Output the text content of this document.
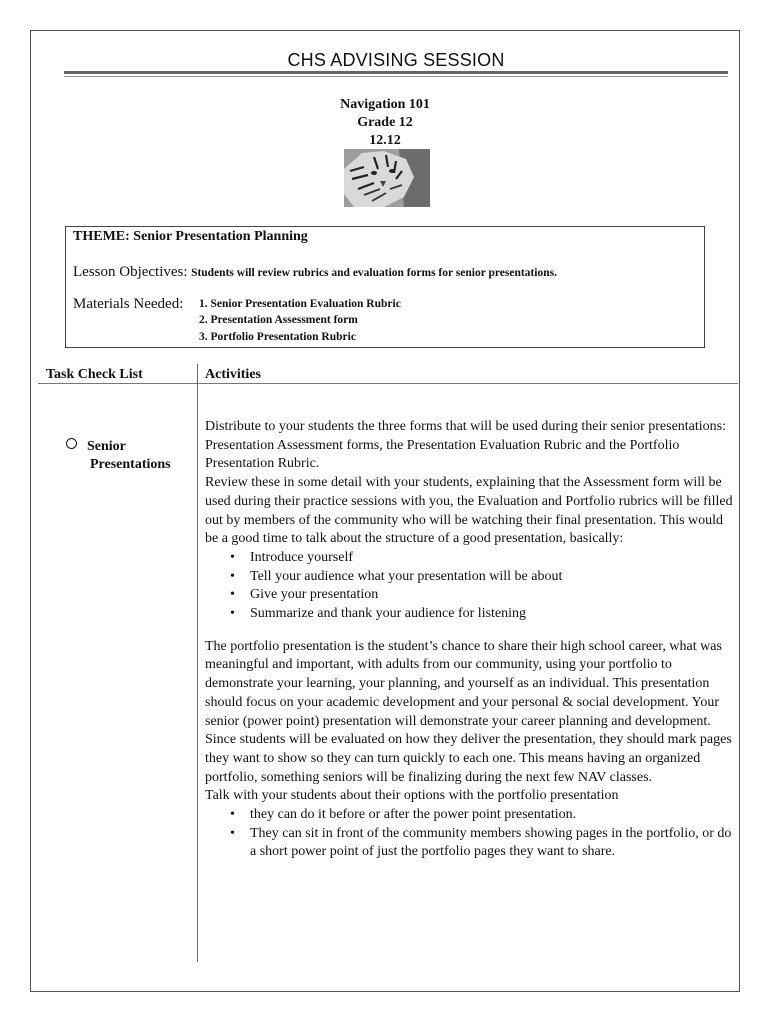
CHS ADVISING SESSION
Navigation 101
Grade 12
12.12
THEME: Senior Presentation Planning
Lesson Objectives: Students will review rubrics and evaluation forms for senior presentations.
Materials Needed: 1. Senior Presentation Evaluation Rubric
2. Presentation Assessment form
3. Portfolio Presentation Rubric
Task Check List	Activities
Senior
Presentations

Distribute to your students the three forms that will be used during their senior presentations: Presentation Assessment forms, the Presentation Evaluation Rubric and the Portfolio Presentation Rubric.

Review these in some detail with your students, explaining that the Assessment form will be used during their practice sessions with you, the Evaluation and Portfolio rubrics will be filled out by members of the community who will be watching their final presentation. This would be a good time to talk about the structure of a good presentation, basically:

• Introduce yourself
• Tell your audience what your presentation will be about
• Give your presentation
• Summarize and thank your audience for listening

The portfolio presentation is the student’s chance to share their high school career, what was meaningful and important, with adults from our community, using your portfolio to demonstrate your learning, your planning, and yourself as an individual. This presentation should focus on your academic development and your personal & social development. Your senior (power point) presentation will demonstrate your career planning and development. Since students will be evaluated on how they deliver the presentation, they should mark pages they want to show so they can turn quickly to each one. This means having an organized portfolio, something seniors will be finalizing during the next few NAV classes.

Talk with your students about their options with the portfolio presentation

• they can do it before or after the power point presentation.
• They can sit in front of the community members showing pages in the portfolio, or do a short power point of just the portfolio pages they want to share.
